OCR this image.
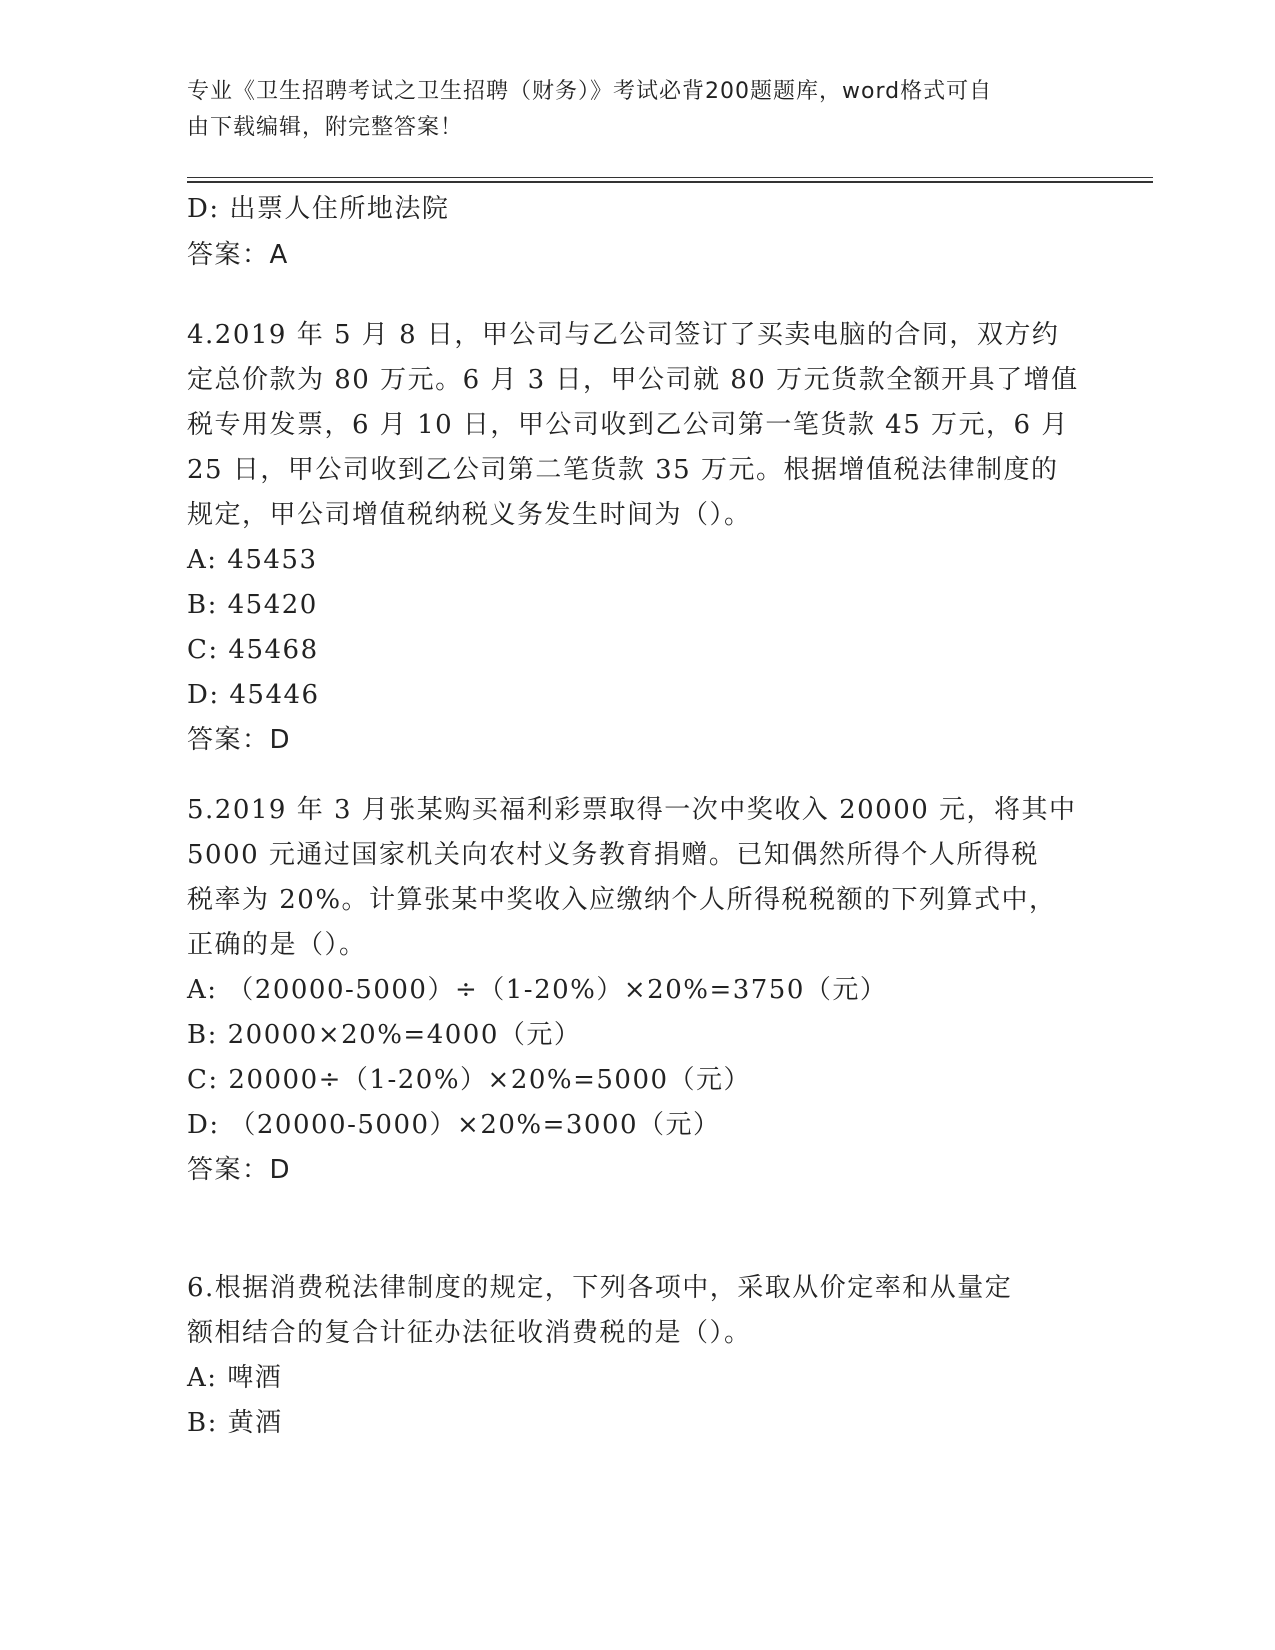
专业《卫生招聘考试之卫生招聘（财务）》考试必背200题题库，word格式可自
由下载编辑，附完整答案！
D: 出票人住所地法院
答案：A
4.2019 年 5 月 8 日，甲公司与乙公司签订了买卖电脑的合同，双方约
定总价款为 80 万元。6 月 3 日，甲公司就 80 万元货款全额开具了增值
税专用发票，6 月 10 日，甲公司收到乙公司第一笔货款 45 万元，6 月
25 日，甲公司收到乙公司第二笔货款 35 万元。根据增值税法律制度的
规定，甲公司增值税纳税义务发生时间为（）。
A: 45453
B: 45420
C: 45468
D: 45446
答案：D
5.2019 年 3 月张某购买福利彩票取得一次中奖收入 20000 元，将其中
5000 元通过国家机关向农村义务教育捐赠。已知偶然所得个人所得税
税率为 20%。计算张某中奖收入应缴纳个人所得税税额的下列算式中，
正确的是（）。
A: （20000-5000）÷（1-20%）×20%=3750（元）
B: 20000×20%=4000（元）
C: 20000÷（1-20%）×20%=5000（元）
D: （20000-5000）×20%=3000（元）
答案：D
6.根据消费税法律制度的规定，下列各项中，采取从价定率和从量定
额相结合的复合计征办法征收消费税的是（）。
A: 啤酒
B: 黄酒
